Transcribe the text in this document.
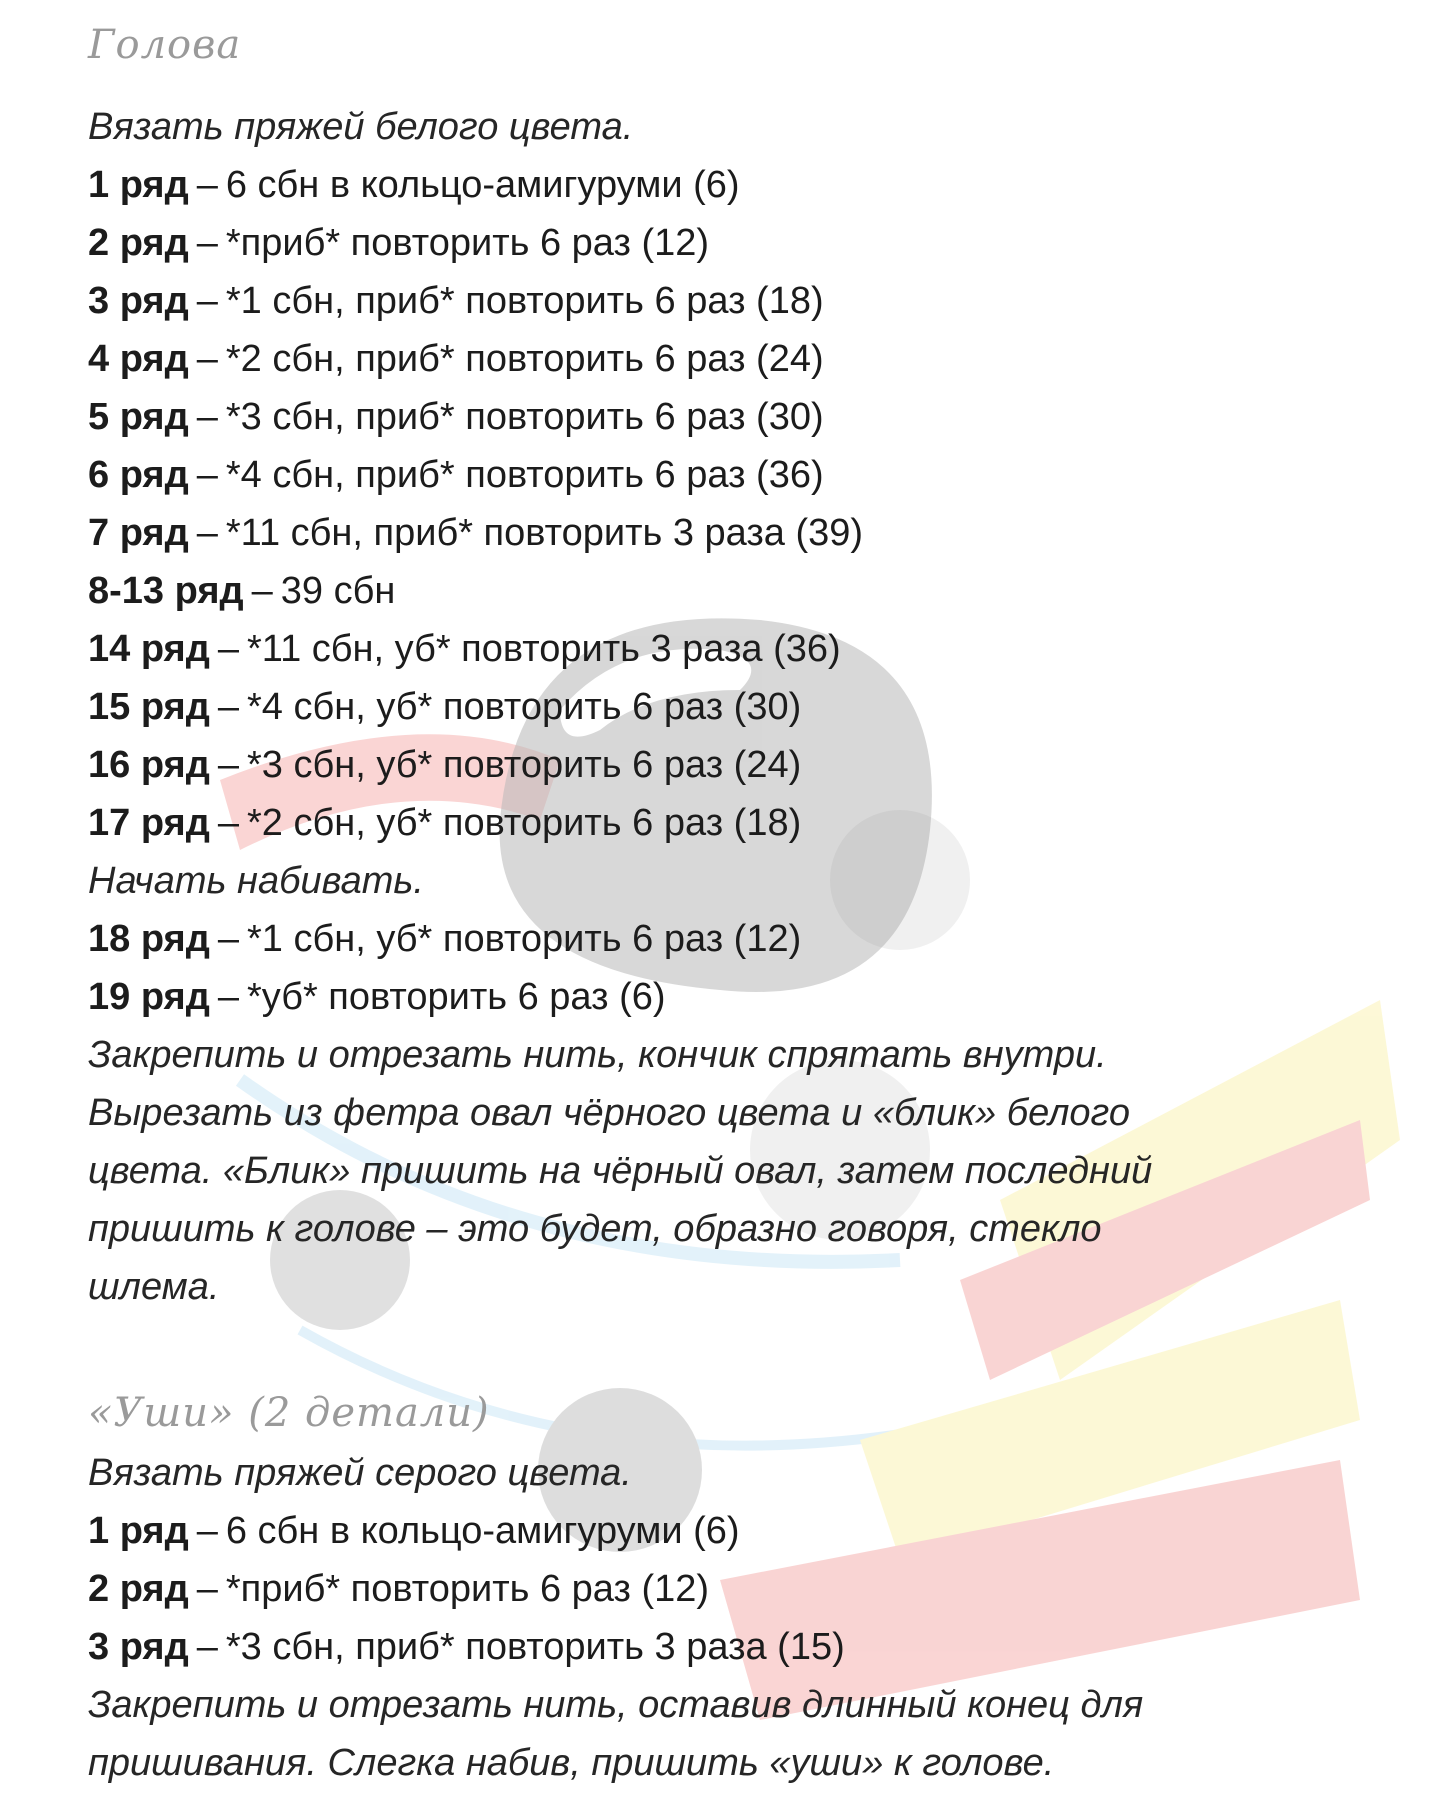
Голова
Вязать пряжей белого цвета.
1 ряд – 6 сбн в кольцо-амигуруми (6)
2 ряд – *приб* повторить 6 раз (12)
3 ряд – *1 сбн, приб* повторить 6 раз (18)
4 ряд – *2 сбн, приб* повторить 6 раз (24)
5 ряд – *3 сбн, приб* повторить 6 раз (30)
6 ряд – *4 сбн, приб* повторить 6 раз (36)
7 ряд – *11 сбн, приб* повторить 3 раза (39)
8-13 ряд – 39 сбн
14 ряд – *11 сбн, уб* повторить 3 раза (36)
15 ряд – *4 сбн, уб* повторить 6 раз (30)
16 ряд – *3 сбн, уб* повторить 6 раз (24)
17 ряд – *2 сбн, уб* повторить 6 раз (18)
Начать набивать.
18 ряд – *1 сбн, уб* повторить 6 раз (12)
19 ряд – *уб* повторить 6 раз (6)
Закрепить и отрезать нить, кончик спрятать внутри.
Вырезать из фетра овал чёрного цвета и «блик» белого
цвета. «Блик» пришить на чёрный овал, затем последний
пришить к голове – это будет, образно говоря, стекло
шлема.
«Уши» (2 детали)
Вязать пряжей серого цвета.
1 ряд – 6 сбн в кольцо-амигуруми (6)
2 ряд – *приб* повторить 6 раз (12)
3 ряд – *3 сбн, приб* повторить 3 раза (15)
Закрепить и отрезать нить, оставив длинный конец для
пришивания. Слегка набив, пришить «уши» к голове.
